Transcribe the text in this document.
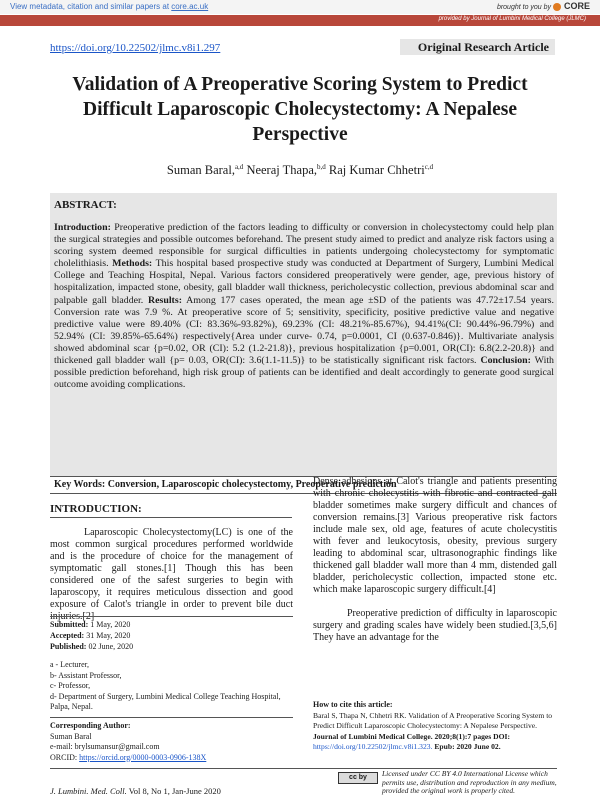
View metadata, citation and similar papers at core.ac.uk	brought to you by CORE
provided by Journal of Lumbini Medical College (JLMC)
https://doi.org/10.22502/jlmc.v8i1.297	Original Research Article
Validation of A Preoperative Scoring System to Predict Difficult Laparoscopic Cholecystectomy: A Nepalese Perspective
Suman Baral,$^{a,d}$ Neeraj Thapa,$^{b,d}$ Raj Kumar Chhetri$^{c,d}$
ABSTRACT:
Introduction: Preoperative prediction of the factors leading to difficulty or conversion in cholecystectomy could help plan the surgical strategies and possible outcomes beforehand. The present study aimed to predict and analyze risk factors using a scoring system deemed responsible for surgical difficulties in patients undergoing cholecystectomy for symptomatic cholelithiasis. Methods: This hospital based prospective study was conducted at Department of Surgery, Lumbini Medical College and Teaching Hospital, Nepal. Various factors considered preoperatively were gender, age, previous history of hospitalization, impacted stone, obesity, gall bladder wall thickness, pericholecystic collection, previous abdominal scar and palpable gall bladder. Results: Among 177 cases operated, the mean age ±SD of the patients was 47.72±17.54 years. Conversion rate was 7.9 %. At preoperative score of 5; sensitivity, specificity, positive predictive value and negative predictive value were 89.40% (CI: 83.36%-93.82%), 69.23% (CI: 48.21%-85.67%), 94.41%(CI: 90.44%-96.79%) and 52.94% (CI: 39.85%-65.64%) respectively{Area under curve- 0.74, p=0.0001, CI (0.637-0.846)}. Multivariate analysis showed abdominal scar {p=0.02, OR (CI): 5.2 (1.2-21.8)}, previous hospitalization {p=0.001, OR(CI): 6.8(2.2-20.8)} and thickened gall bladder wall {p= 0.03, OR(CI): 3.6(1.1-11.5)} to be statistically significant risk factors. Conclusion: With possible prediction beforehand, high risk group of patients can be identified and dealt accordingly to generate good surgical outcome avoiding complications.
Key Words: Conversion, Laparoscopic cholecystectomy, Preoperative prediction
INTRODUCTION:

Laparoscopic Cholecystectomy(LC) is one of the most common surgical procedures performed worldwide and is the procedure of choice for the management of symptomatic gall stones.[1] Though this has been considered one of the safest surgeries to begin with laparoscopy, it requires meticulous dissection and good exposure of Calot's triangle in order to prevent bile duct injuries.[2]

Dense adhesions at Calot's triangle and patients presenting with chronic cholecystitis with fibrotic and contracted gall bladder sometimes make surgery difficult and chances of conversion remains.[3] Various preoperative risk factors include male sex, old age, features of acute cholecystitis with fever and leukocytosis, obesity, previous surgery leading to abdominal scar, ultrasonographic findings like thickened gall bladder wall more than 4 mm, distended gall bladder, pericholecystic collection, impacted stone etc. which make laparoscopic surgery difficult.[4]

Preoperative prediction of difficulty in laparoscopic surgery and grading scales have widely been studied.[3,5,6] They have an advantage for the

Submitted: 1 May, 2020
Accepted: 31 May, 2020
Published: 02 June, 2020
a - Lecturer,
b- Assistant Professor,
c- Professor,
d- Department of Surgery, Lumbini Medical College Teaching Hospital, Palpa, Nepal.
Corresponding Author:
Suman Baral
e-mail: brylsumansur@gmail.com
ORCID: https://orcid.org/0000-0003-0906-138X
How to cite this article:
Baral S, Thapa N, Chhetri RK. Validation of A Preoperative Scoring System to Predict Difficult Laparoscopic Cholecystectomy: A Nepalese Perspective. Journal of Lumbini Medical College. 2020;8(1):7 pages DOI: https://doi.org/10.22502/jlmc.v8i1.323. Epub: 2020 June 02.
J. Lumbini. Med. Coll. Vol 8, No 1, Jan-June 2020
cc by	Licensed under CC BY 4.0 International License which permits use, distribution and reproduction in any medium, provided the original work is properly cited.
